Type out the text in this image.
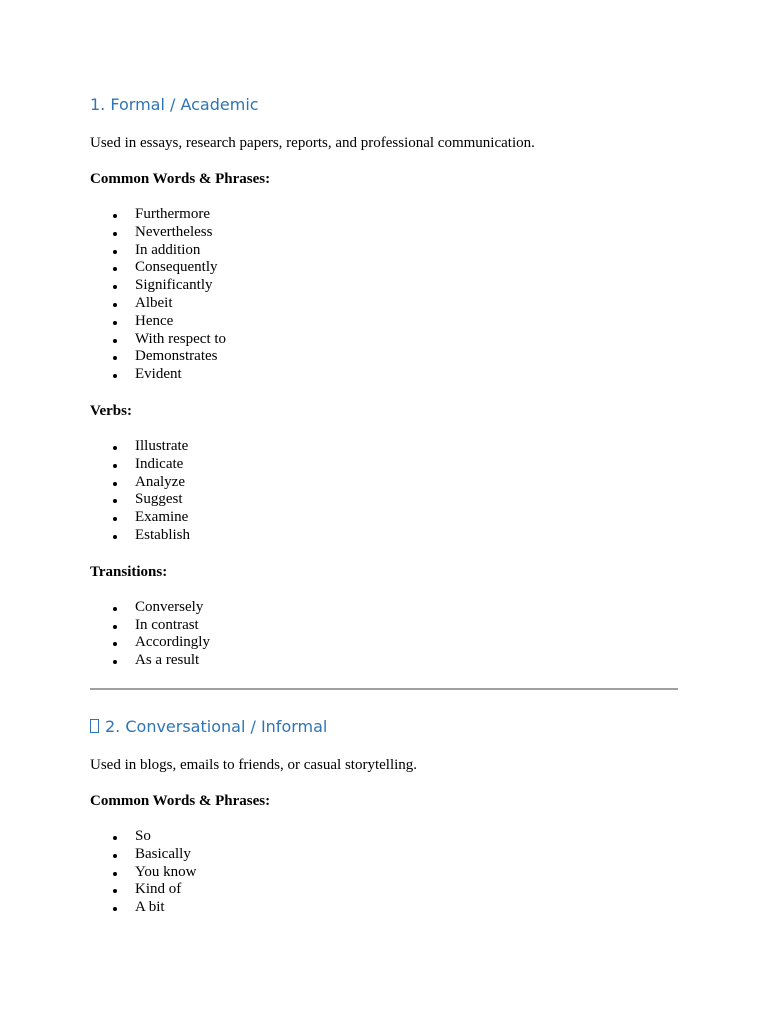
1. Formal / Academic

Used in essays, research papers, reports, and professional communication.

Common Words & Phrases:

Furthermore
Nevertheless
In addition
Consequently
Significantly
Albeit
Hence
With respect to
Demonstrates
Evident

Verbs:

Illustrate
Indicate
Analyze
Suggest
Examine
Establish

Transitions:

Conversely
In contrast
Accordingly
As a result
2. Conversational / Informal

Used in blogs, emails to friends, or casual storytelling.

Common Words & Phrases:

So
Basically
You know
Kind of
A bit
